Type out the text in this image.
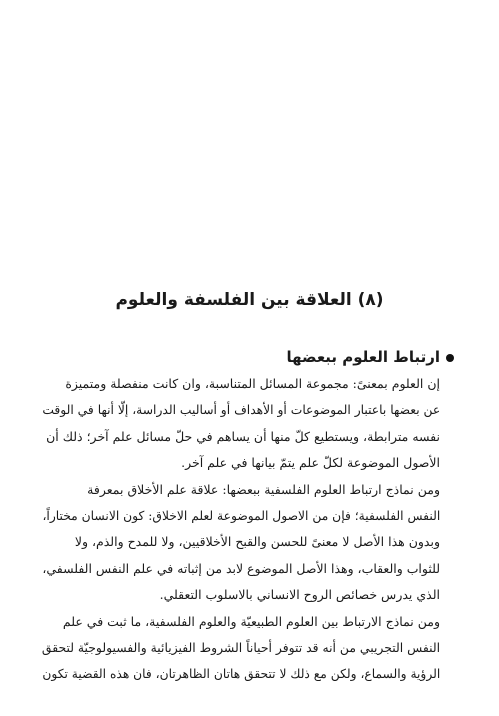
(٨) العلاقة بين الفلسفة والعلوم
ارتباط العلوم ببعضها

إن العلوم بمعنىً: مجموعة المسائل المتناسبة، وان كانت منفصلة ومتميزة
عن بعضها باعتبار الموضوعات أو الأهداف أو أساليب الدراسة، إلّا أنها في الوقت
نفسه مترابطة، ويستطيع كلّ منها أن يساهم في حلّ مسائل علم آخر؛ ذلك أن
الأصول الموضوعة لكلّ علم يتمّ بيانها في علم آخر.

ومن نماذج ارتباط العلوم الفلسفية ببعضها: علاقة علم الأخلاق بمعرفة
النفس الفلسفية؛ فإن من الاصول الموضوعة لعلم الاخلاق: كون الانسان مختاراً،
وبدون هذا الأصل لا معنىً للحسن والقبح الأخلاقيين، ولا للمدح والذم، ولا
للثواب والعقاب، وهذا الأصل الموضوع لابد من إثباته في علم النفس الفلسفي،
الذي يدرس خصائص الروح الانساني بالاسلوب التعقلي.

ومن نماذج الارتباط بين العلوم الطبيعيّة والعلوم الفلسفية، ما ثبت في علم
النفس التجريبي من أنه قد تتوفر أحياناً الشروط الفيزيائية والفسيولوجيّة لتحقق
الرؤية والسماع، ولكن مع ذلك لا تتحقق هاتان الظاهرتان، فان هذه القضية تكون
